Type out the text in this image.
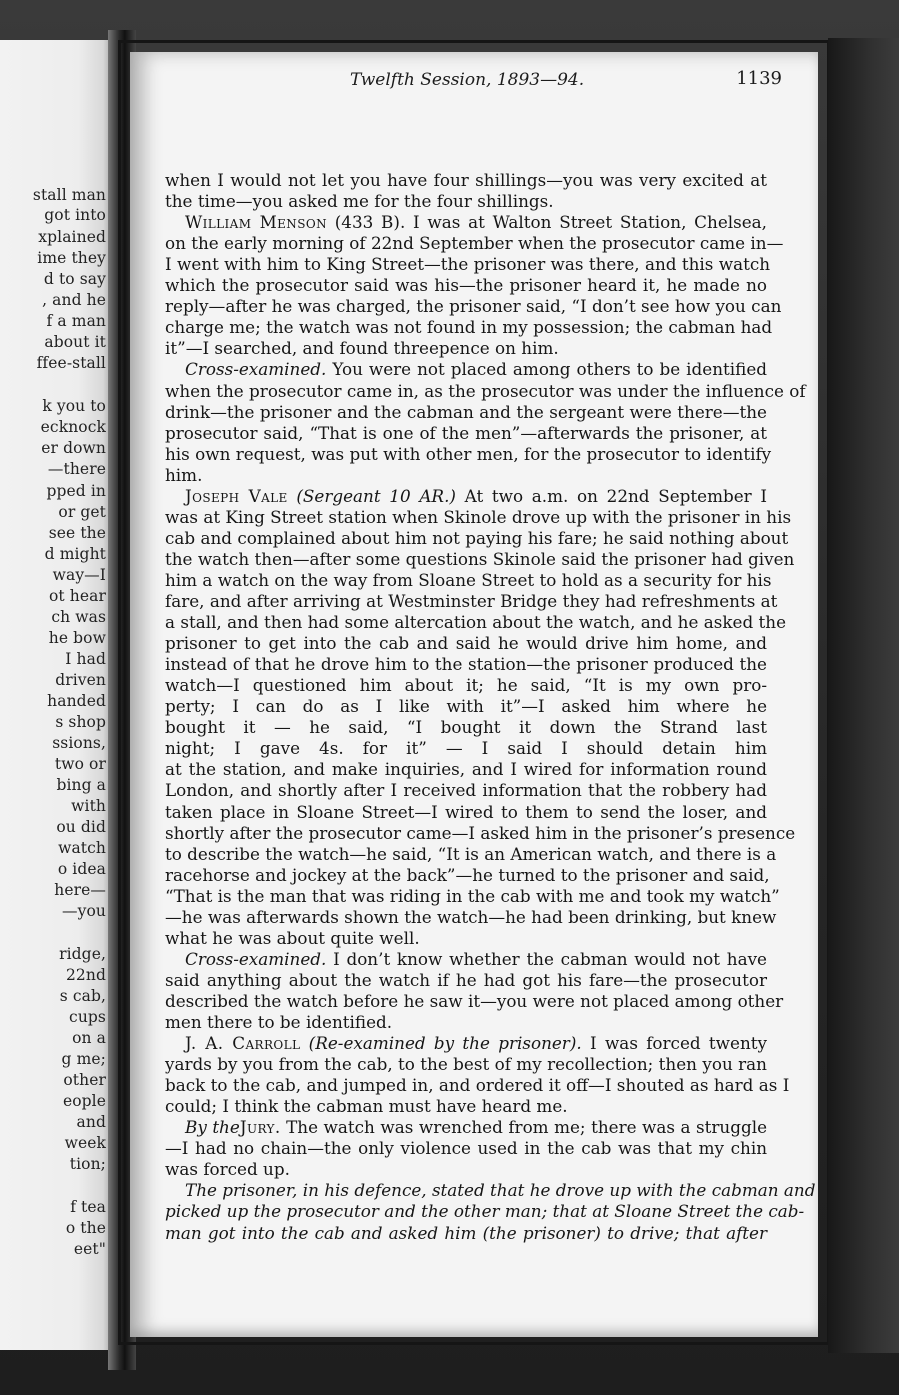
stall man
got into
xplained
ime they
d to say
, and he
f a man
about it
ffee-stall
k you to
ecknock
er down
—there
pped in
or get
see the
d might
way—I
ot hear
ch was
he bow
I had
driven
handed
s shop
ssions,
two or
bing a
with
ou did
watch
o idea
here—
—you
ridge,
22nd
s cab,
cups
on a
g me;
other
eople
and
week
tion;
f tea
o the
eet"
Twelfth Session, 1893—94.	1139
when I would not let you have four shillings—you was very excited at
the time—you asked me for the four shillings.
William Menson (433 B). I was at Walton Street Station, Chelsea,
on the early morning of 22nd September when the prosecutor came in—
I went with him to King Street—the prisoner was there, and this watch
which the prosecutor said was his—the prisoner heard it, he made no
reply—after he was charged, the prisoner said, “I don’t see how you can
charge me; the watch was not found in my possession; the cabman had
it”—I searched, and found threepence on him.
Cross-examined. You were not placed among others to be identified
when the prosecutor came in, as the prosecutor was under the influence of
drink—the prisoner and the cabman and the sergeant were there—the
prosecutor said, “That is one of the men”—afterwards the prisoner, at
his own request, was put with other men, for the prosecutor to identify
him.
Joseph Vale (Sergeant 10 AR.) At two a.m. on 22nd September I
was at King Street station when Skinole drove up with the prisoner in his
cab and complained about him not paying his fare; he said nothing about
the watch then—after some questions Skinole said the prisoner had given
him a watch on the way from Sloane Street to hold as a security for his
fare, and after arriving at Westminster Bridge they had refreshments at
a stall, and then had some altercation about the watch, and he asked the
prisoner to get into the cab and said he would drive him home, and
instead of that he drove him to the station—the prisoner produced the
watch—I questioned him about it; he said, “It is my own pro-
perty; I can do as I like with it”—I asked him where he
bought it — he said, “I bought it down the Strand last
night; I gave 4s. for it” — I said I should detain him
at the station, and make inquiries, and I wired for information round
London, and shortly after I received information that the robbery had
taken place in Sloane Street—I wired to them to send the loser, and
shortly after the prosecutor came—I asked him in the prisoner’s presence
to describe the watch—he said, “It is an American watch, and there is a
racehorse and jockey at the back”—he turned to the prisoner and said,
“That is the man that was riding in the cab with me and took my watch”
—he was afterwards shown the watch—he had been drinking, but knew
what he was about quite well.
Cross-examined. I don’t know whether the cabman would not have
said anything about the watch if he had got his fare—the prosecutor
described the watch before he saw it—you were not placed among other
men there to be identified.
J. A. Carroll (Re-examined by the prisoner). I was forced twenty
yards by you from the cab, to the best of my recollection; then you ran
back to the cab, and jumped in, and ordered it off—I shouted as hard as I
could; I think the cabman must have heard me.
By theJury. The watch was wrenched from me; there was a struggle
—I had no chain—the only violence used in the cab was that my chin
was forced up.
The prisoner, in his defence, stated that he drove up with the cabman and
picked up the prosecutor and the other man; that at Sloane Street the cab-
man got into the cab and asked him (the prisoner) to drive; that after
